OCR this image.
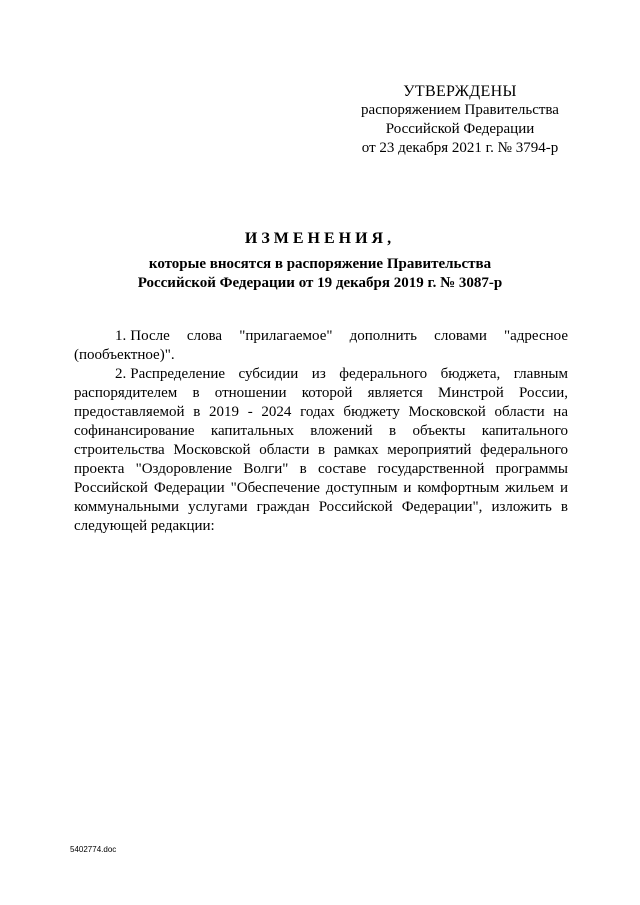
УТВЕРЖДЕНЫ
распоряжением Правительства
Российской Федерации
от 23 декабря 2021 г. № 3794-р
ИЗМЕНЕНИЯ,
которые вносятся в распоряжение Правительства
Российской Федерации от 19 декабря 2019 г. № 3087-р

1. После слова "прилагаемое" дополнить словами "адресное (пообъектное)".

2. Распределение субсидии из федерального бюджета, главным распорядителем в отношении которой является Минстрой России, предоставляемой в 2019 - 2024 годах бюджету Московской области на софинансирование капитальных вложений в объекты капитального строительства Московской области в рамках мероприятий федерального проекта "Оздоровление Волги" в составе государственной программы Российской Федерации "Обеспечение доступным и комфортным жильем и коммунальными услугами граждан Российской Федерации", изложить в следующей редакции:

5402774.doc
